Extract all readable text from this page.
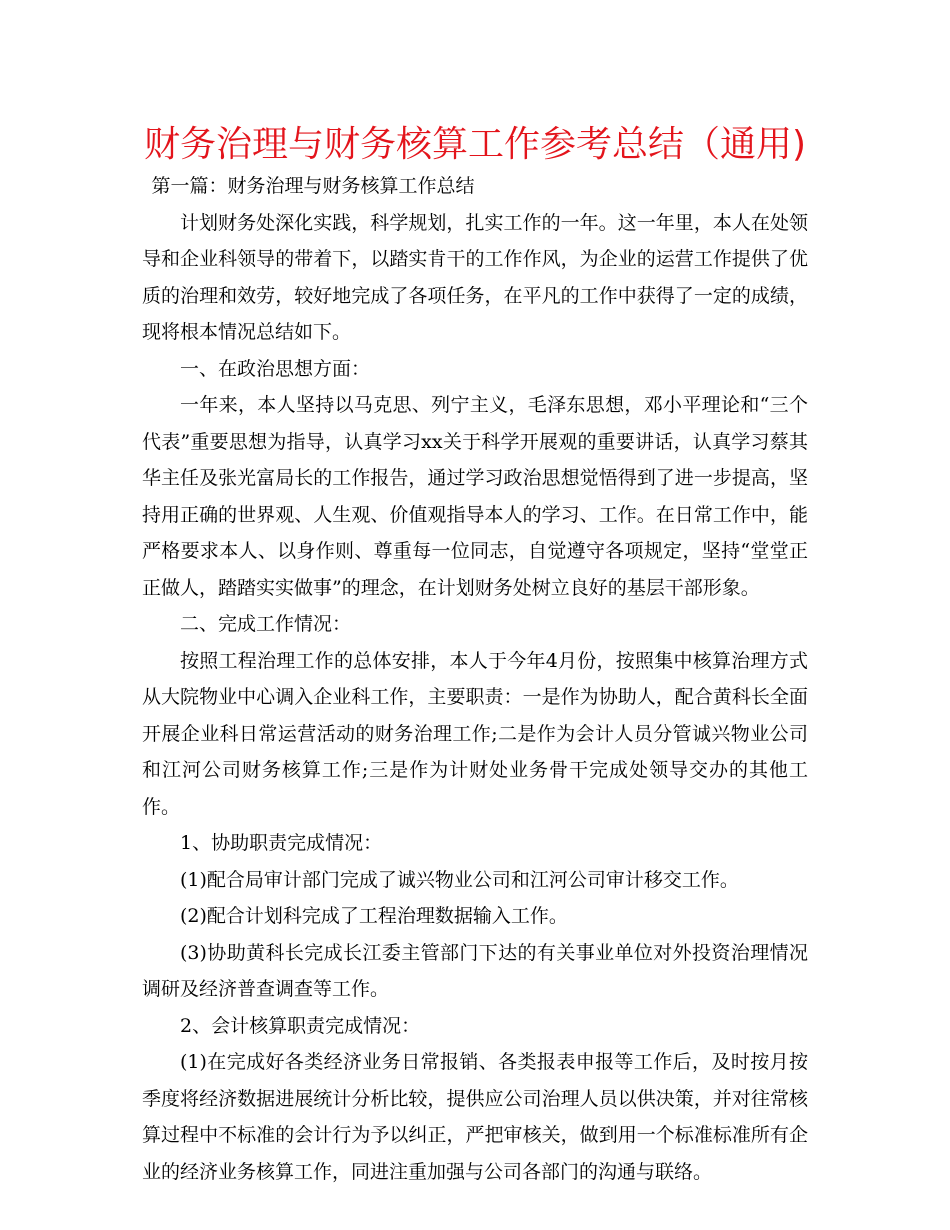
财务治理与财务核算工作参考总结（通用)

第一篇：财务治理与财务核算工作总结

计划财务处深化实践，科学规划，扎实工作的一年。这一年里，本人在处领导和企业科领导的带着下，以踏实肯干的工作作风，为企业的运营工作提供了优质的治理和效劳，较好地完成了各项任务，在平凡的工作中获得了一定的成绩，现将根本情况总结如下。

一、在政治思想方面：

一年来，本人坚持以马克思、列宁主义，毛泽东思想，邓小平理论和“三个代表”重要思想为指导，认真学习xx关于科学开展观的重要讲话，认真学习蔡其华主任及张光富局长的工作报告，通过学习政治思想觉悟得到了进一步提高，坚持用正确的世界观、人生观、价值观指导本人的学习、工作。在日常工作中，能严格要求本人、以身作则、尊重每一位同志，自觉遵守各项规定，坚持“堂堂正正做人，踏踏实实做事”的理念，在计划财务处树立良好的基层干部形象。

二、完成工作情况：

按照工程治理工作的总体安排，本人于今年4月份，按照集中核算治理方式从大院物业中心调入企业科工作，主要职责：一是作为协助人，配合黄科长全面开展企业科日常运营活动的财务治理工作;二是作为会计人员分管诚兴物业公司和江河公司财务核算工作;三是作为计财处业务骨干完成处领导交办的其他工作。

1、协助职责完成情况：

(1)配合局审计部门完成了诚兴物业公司和江河公司审计移交工作。

(2)配合计划科完成了工程治理数据输入工作。

(3)协助黄科长完成长江委主管部门下达的有关事业单位对外投资治理情况调研及经济普查调查等工作。

2、会计核算职责完成情况：

(1)在完成好各类经济业务日常报销、各类报表申报等工作后，及时按月按季度将经济数据进展统计分析比较，提供应公司治理人员以供决策，并对往常核算过程中不标准的会计行为予以纠正，严把审核关，做到用一个标准标准所有企业的经济业务核算工作，同进注重加强与公司各部门的沟通与联络。
